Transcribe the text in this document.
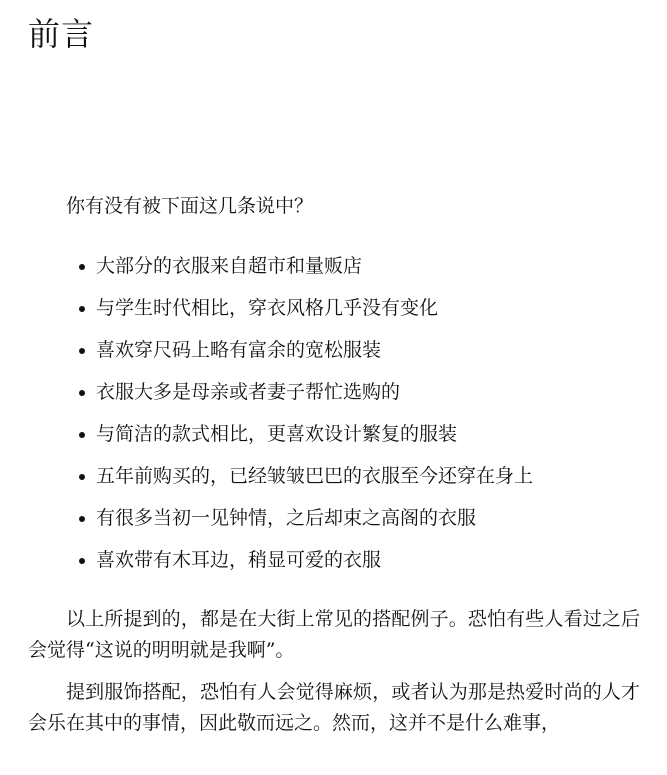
前言

你有没有被下面这几条说中？

大部分的衣服来自超市和量贩店
与学生时代相比，穿衣风格几乎没有变化
喜欢穿尺码上略有富余的宽松服装
衣服大多是母亲或者妻子帮忙选购的
与简洁的款式相比，更喜欢设计繁复的服装
五年前购买的，已经皱皱巴巴的衣服至今还穿在身上
有很多当初一见钟情，之后却束之高阁的衣服
喜欢带有木耳边，稍显可爱的衣服

以上所提到的，都是在大街上常见的搭配例子。恐怕有些人看过之后会觉得“这说的明明就是我啊”。

提到服饰搭配，恐怕有人会觉得麻烦，或者认为那是热爱时尚的人才会乐在其中的事情，因此敬而远之。然而，这并不是什么难事，
